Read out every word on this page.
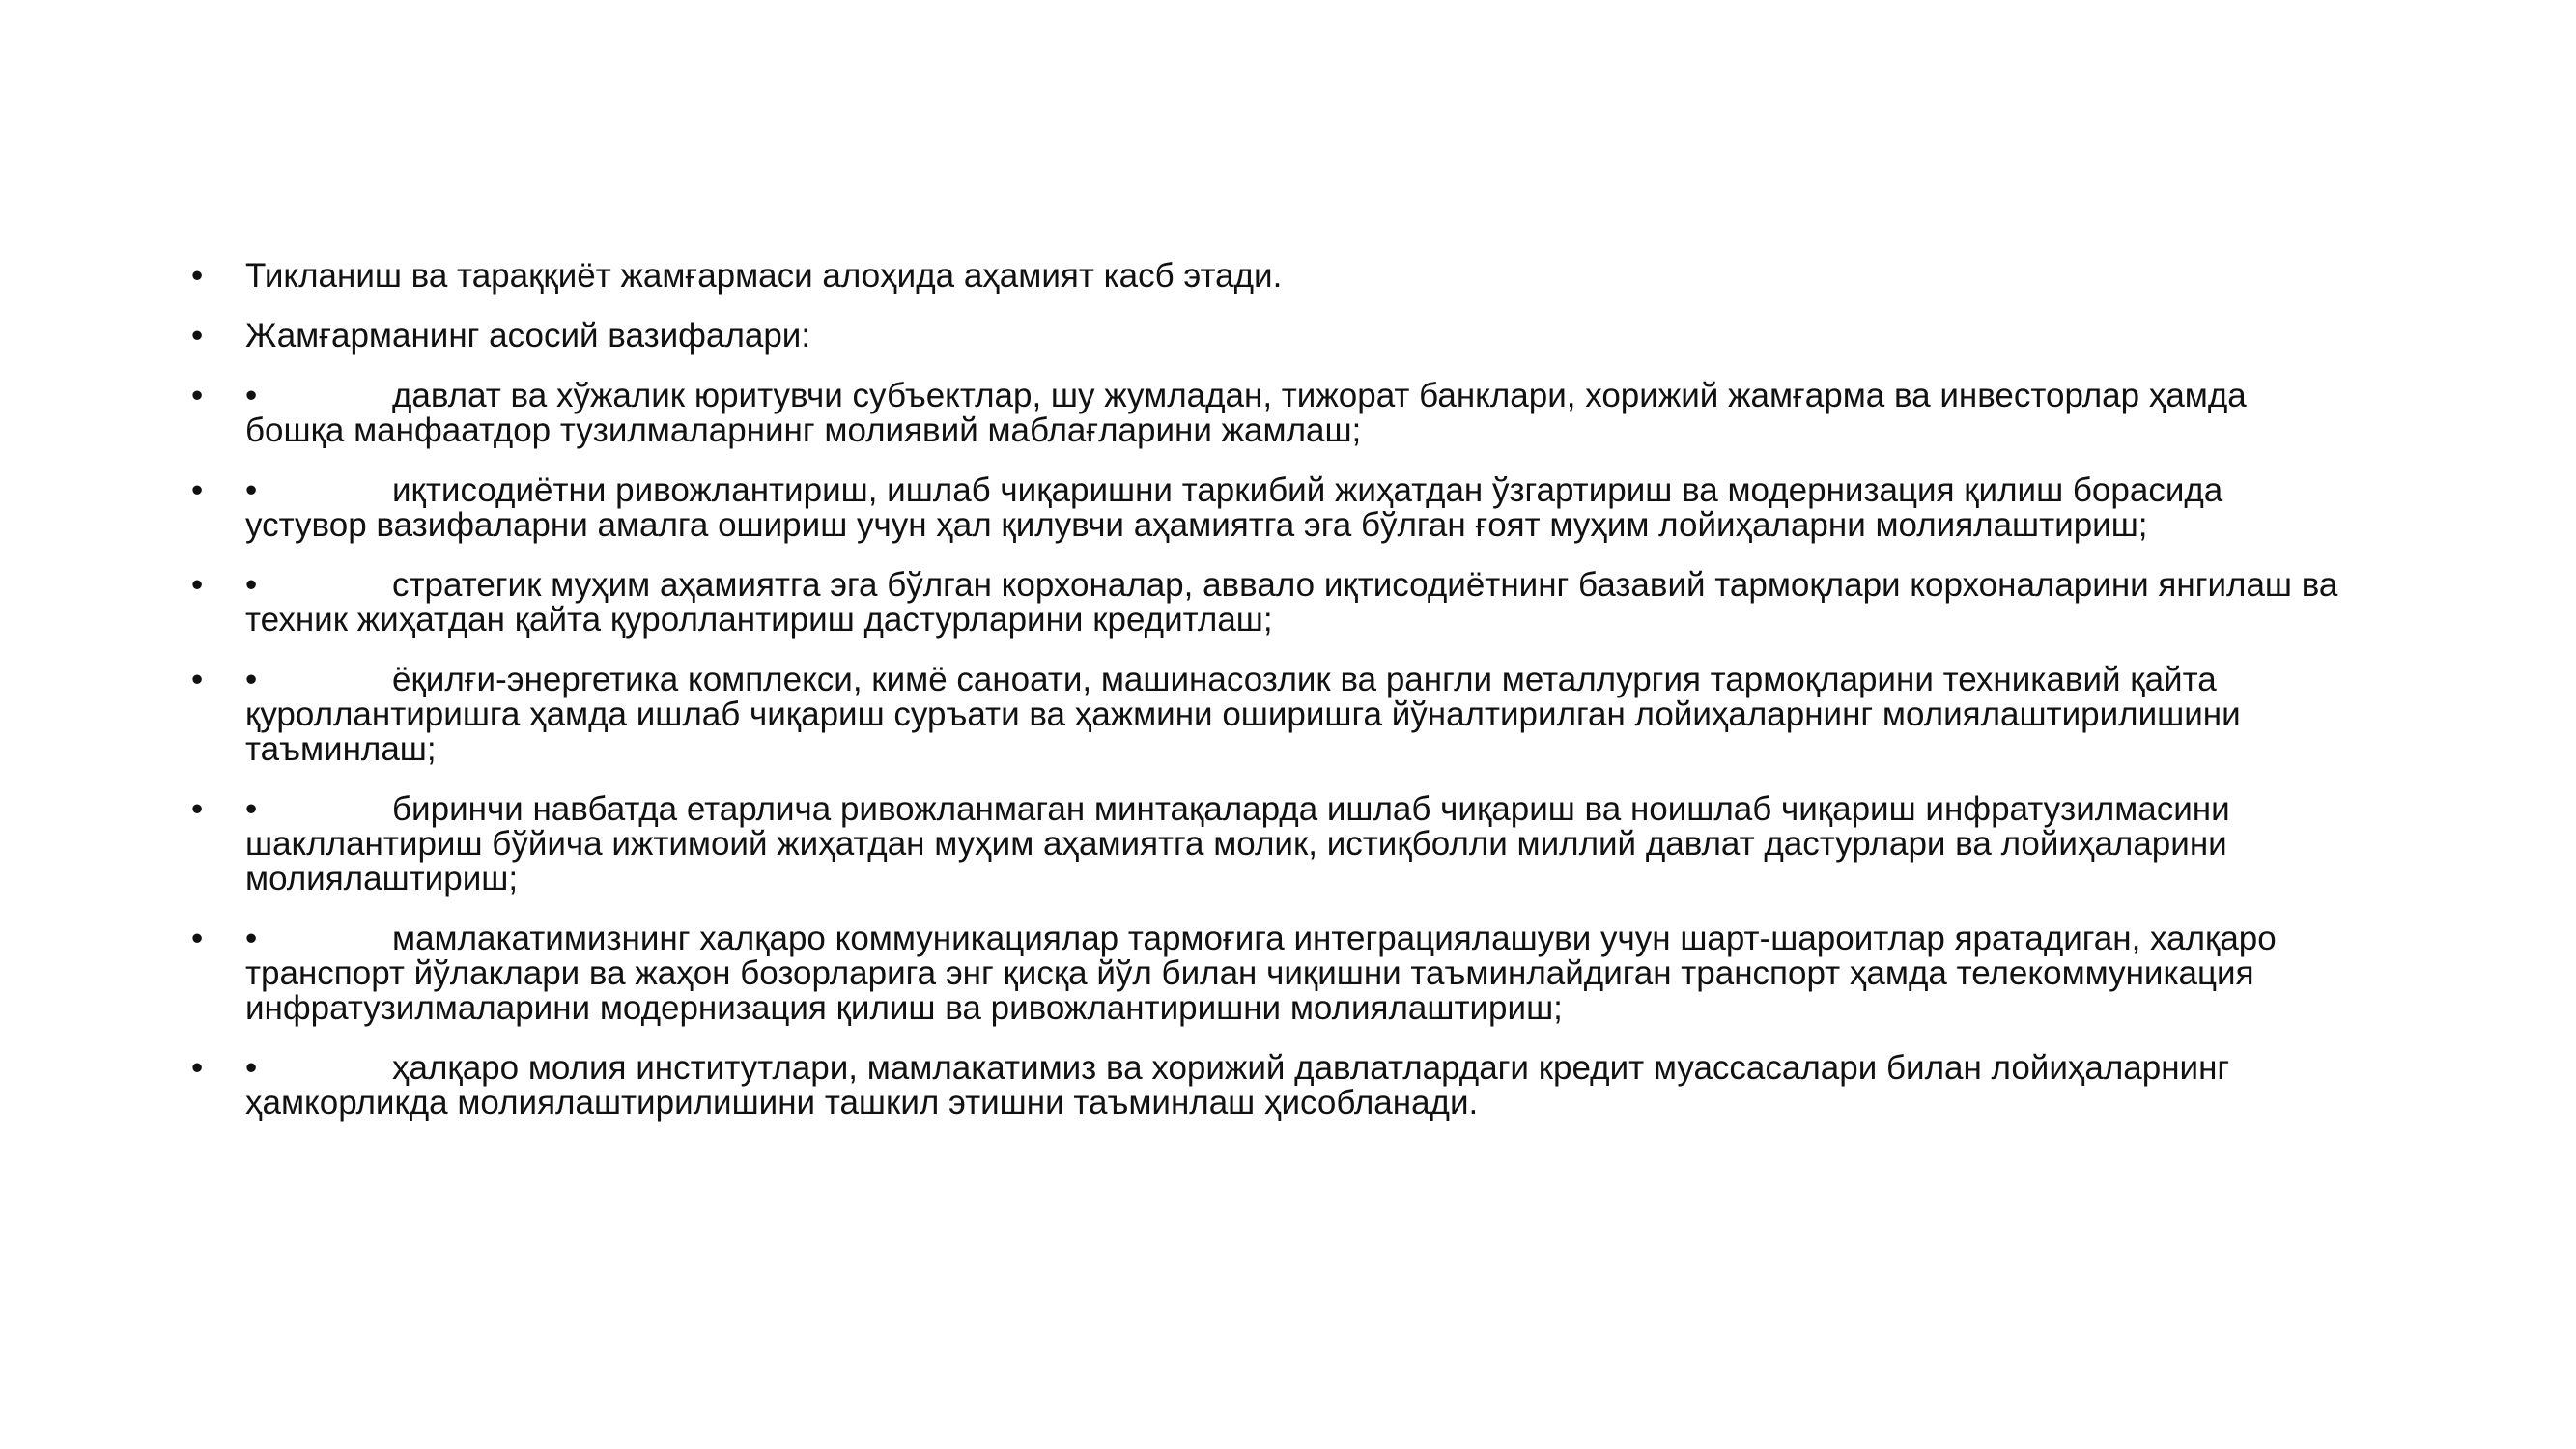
• Тикланиш ва тараққиёт жамғармаси алоҳида аҳамият касб этади.
• Жамғарманинг асосий вазифалари:
• •	давлат ва хўжалик юритувчи субъектлар, шу жумладан, тижорат банклари, хорижий жамғарма ва инвесторлар ҳамда бошқа манфаатдор тузилмаларнинг молиявий маблағларини жамлаш;
• •	иқтисодиётни ривожлантириш, ишлаб чиқаришни таркибий жиҳатдан ўзгартириш ва модернизация қилиш борасида устувор вазифаларни амалга ошириш учун ҳал қилувчи аҳамиятга эга бўлган ғоят муҳим лойиҳаларни молиялаштириш;
• •	стратегик муҳим аҳамиятга эга бўлган корхоналар, аввало иқтисодиётнинг базавий тармоқлари корхоналарини янгилаш ва техник жиҳатдан қайта қуроллантириш дастурларини кредитлаш;
• •	ёқилғи-энергетика комплекси, кимё саноати, машинасозлик ва рангли металлургия тармоқларини техникавий қайта қуроллантиришга ҳамда ишлаб чиқариш суръати ва ҳажмини оширишга йўналтирилган лойиҳаларнинг молиялаштирилишини таъминлаш;
• •	биринчи навбатда етарлича ривожланмаган минтақаларда ишлаб чиқариш ва ноишлаб чиқариш инфратузилмасини шакллантириш бўйича ижтимоий жиҳатдан муҳим аҳамиятга молик, истиқболли миллий давлат дастурлари ва лойиҳаларини молиялаштириш;
• •	мамлакатимизнинг халқаро коммуникациялар тармоғига интеграциялашуви учун шарт-шароитлар яратадиган, халқаро транспорт йўлаклари ва жаҳон бозорларига энг қисқа йўл билан чиқишни таъминлайдиган транспорт ҳамда телекоммуникация инфратузилмаларини модернизация қилиш ва ривожлантиришни молиялаштириш;
• •	ҳалқаро молия институтлари, мамлакатимиз ва хорижий давлатлардаги кредит муассасалари билан лойиҳаларнинг ҳамкорликда молиялаштирилишини ташкил этишни таъминлаш ҳисобланади.
